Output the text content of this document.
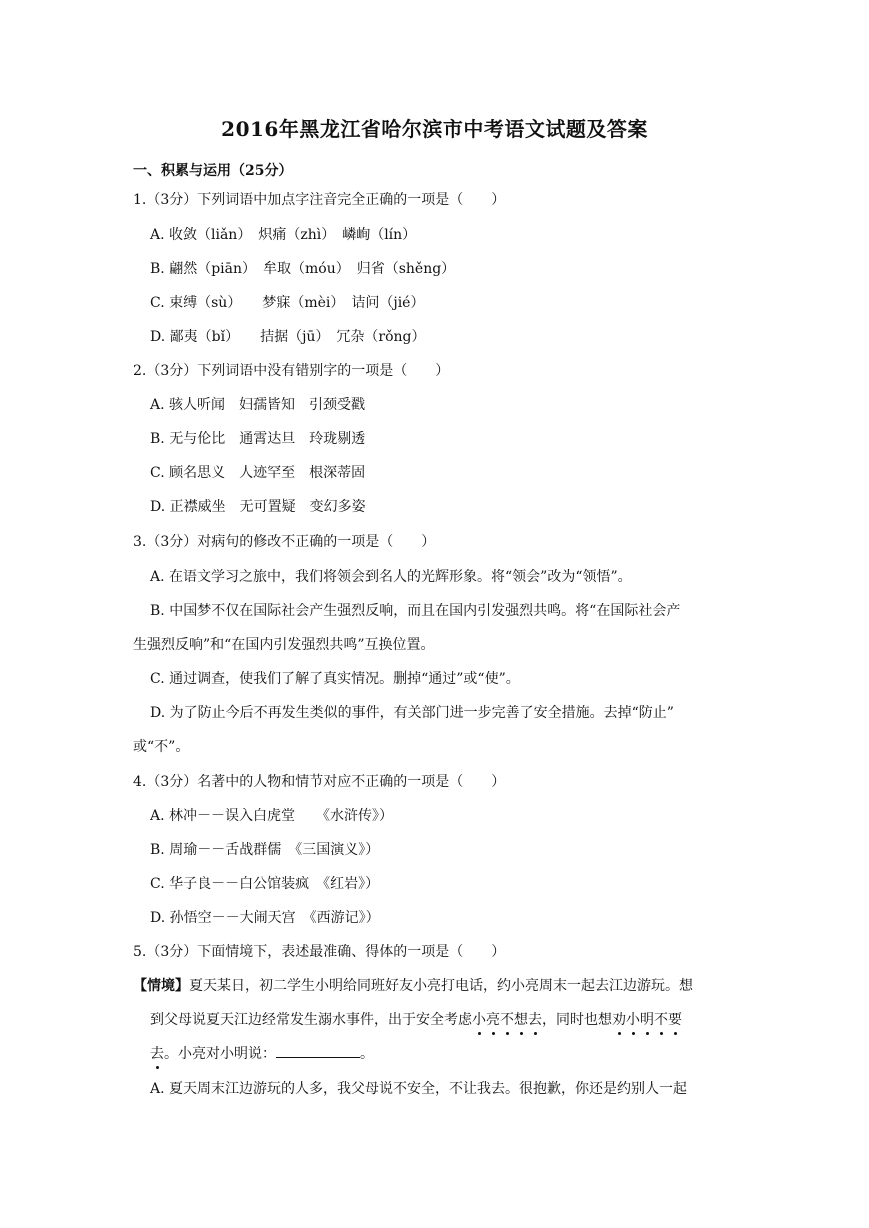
2016年黑龙江省哈尔滨市中考语文试题及答案
一、积累与运用（25分）
1.（3分）下列词语中加点字注音完全正确的一项是（　　）
A. 收敛（liǎn）　炽痛（zhì）　嶙峋（lín）
B. 翩然（piān）　牟取（móu）　归省（shěng）
C. 束缚（sù）　　梦寐（mèi）　诘问（jié）
D. 鄙夷（bǐ）　　拮据（jū）　冗杂（rǒng）
2.（3分）下列词语中没有错别字的一项是（　　）
A. 骇人听闻　妇孺皆知　引颈受戳
B. 无与伦比　通霄达旦　玲珑剔透
C. 顾名思义　人迹罕至　根深蒂固
D. 正襟威坐　无可置疑　变幻多姿
3.（3分）对病句的修改不正确的一项是（　　）
A. 在语文学习之旅中，我们将领会到名人的光辉形象。将“领会”改为“领悟”。
B. 中国梦不仅在国际社会产生强烈反响，而且在国内引发强烈共鸣。将“在国际社会产
生强烈反响”和“在国内引发强烈共鸣”互换位置。
C. 通过调查，使我们了解了真实情况。删掉“通过”或“使”。
D. 为了防止今后不再发生类似的事件，有关部门进一步完善了安全措施。去掉“防止”
或“不”。
4.（3分）名著中的人物和情节对应不正确的一项是（　　）
A. 林冲－－误入白虎堂　　《水浒传》）
B. 周瑜－－舌战群儒　《三国演义》）
C. 华子良－－白公馆装疯　《红岩》）
D. 孙悟空－－大闹天宫　《西游记》）
5.（3分）下面情境下，表述最准确、得体的一项是（　　）
【情境】夏天某日，初二学生小明给同班好友小亮打电话，约小亮周末一起去江边游玩。想
到父母说夏天江边经常发生溺水事件，出于安全考虑小亮不想去，同时也想劝小明不要
去。小亮对小明说：	。
A. 夏天周末江边游玩的人多，我父母说不安全，不让我去。很抱歉，你还是约别人一起
